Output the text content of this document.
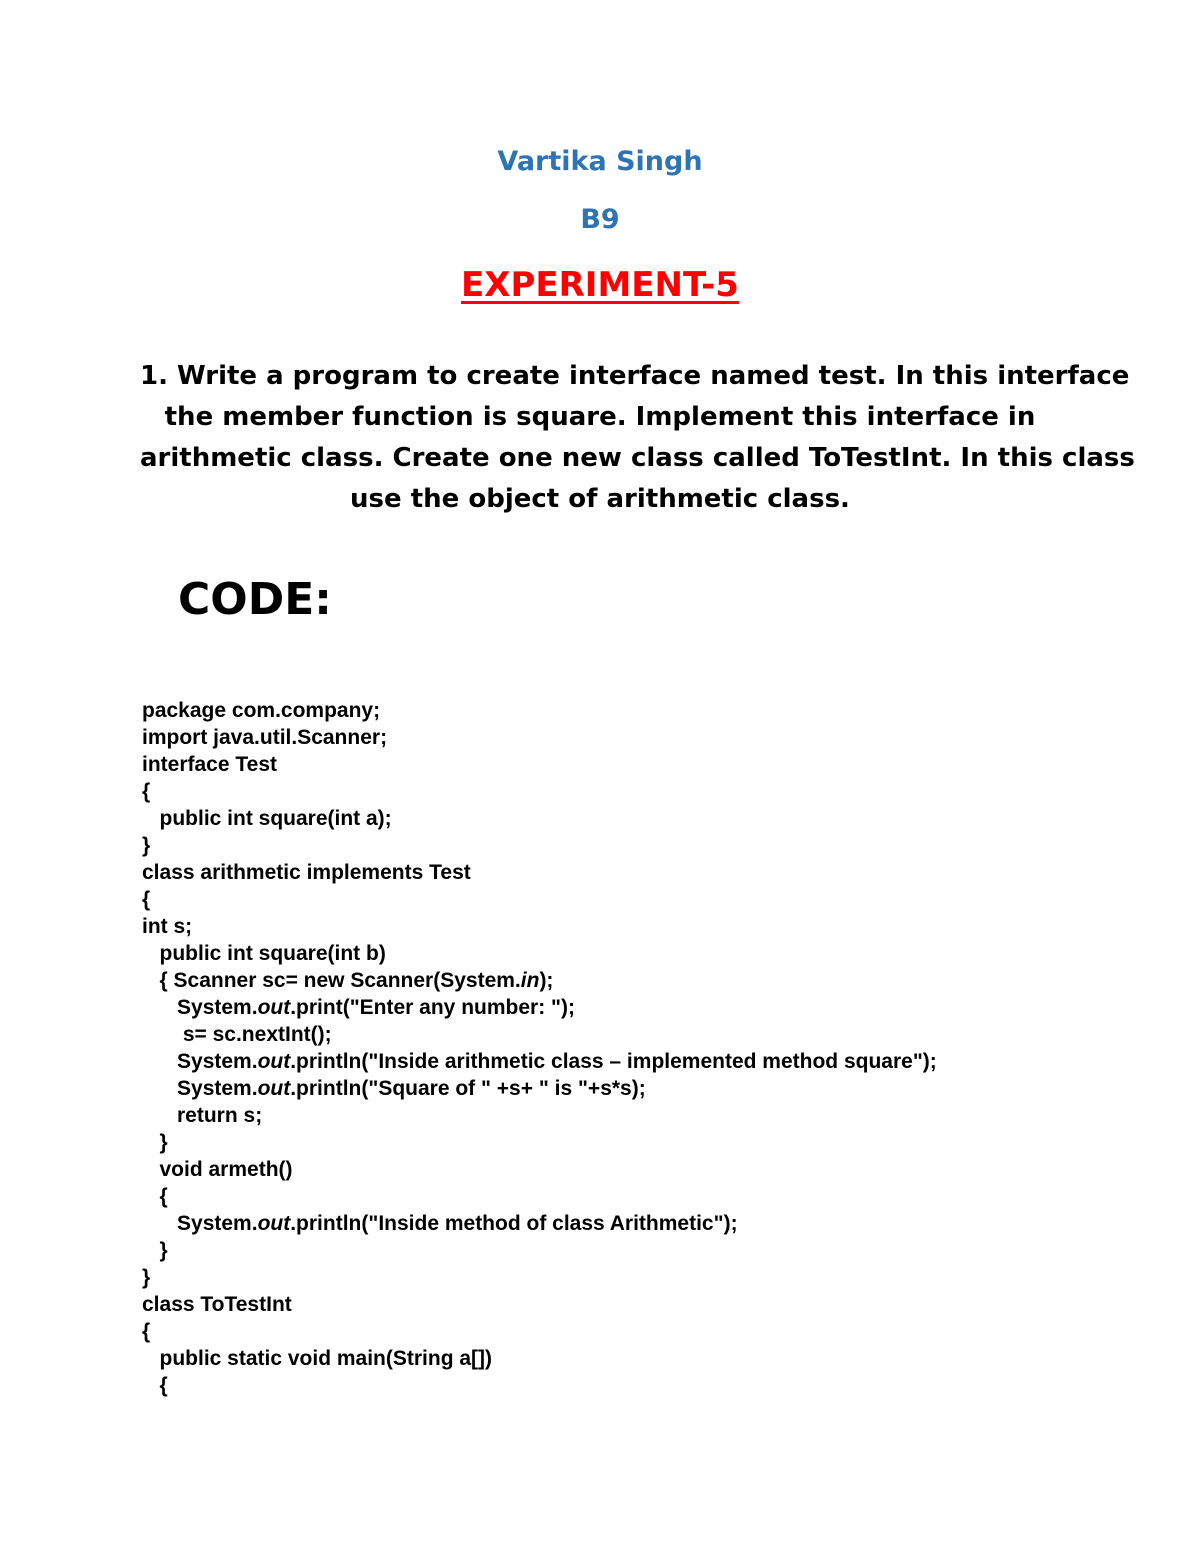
Vartika Singh
B9
EXPERIMENT-5
1. Write a program to create interface named test. In this interface
the member function is square. Implement this interface in
arithmetic class. Create one new class called ToTestInt. In this class
use the object of arithmetic class.
CODE:
package com.company;
import java.util.Scanner;
interface Test
{
public int square(int a);
}
class arithmetic implements Test
{
int s;
public int square(int b)
{ Scanner sc= new Scanner(System.in);
System.out.print("Enter any number: ");
s= sc.nextInt();
System.out.println("Inside arithmetic class – implemented method square");
System.out.println("Square of " +s+ " is "+s*s);
return s;
}
void armeth()
{
System.out.println("Inside method of class Arithmetic");
}
}
class ToTestInt
{
public static void main(String a[])
{
